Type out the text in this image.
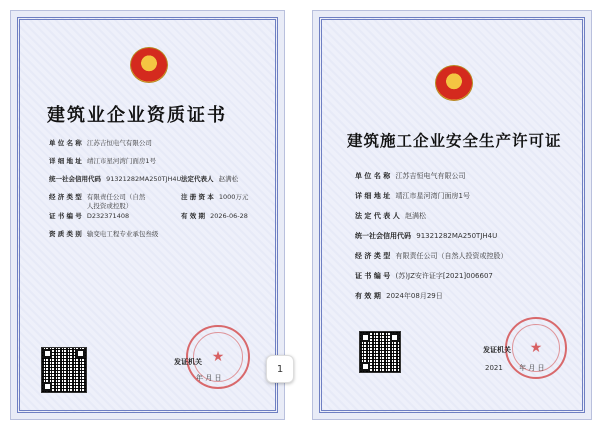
建筑业企业资质证书
单 位 名 称 江苏吉恒电气有限公司
详 细 地 址 靖江市星河湾门面房1号
统一社会信用代码 91321282MA250TJH4U 法定代表人 赵满松
经 济 类 型 有限责任公司（自然人投资或控股）
注 册 资 本 1000万元
证 书 编 号 D232371408	有 效 期 2026-06-28
资 质 类 别 输变电工程专业承包叁级
★
发证机关
年 月 日
建筑施工企业安全生产许可证
单 位 名 称 江苏吉恒电气有限公司
详 细 地 址 靖江市星河湾门面房1号
法 定 代 表 人 赵满松
统一社会信用代码 91321282MA250TJH4U
经 济 类 型 有限责任公司（自然人投资或控股）
证 书 编 号 (苏)JZ安许证字[2021]006607
有 效 期 2024年08月29日
★
发证机关
2021 年 月 日
1
